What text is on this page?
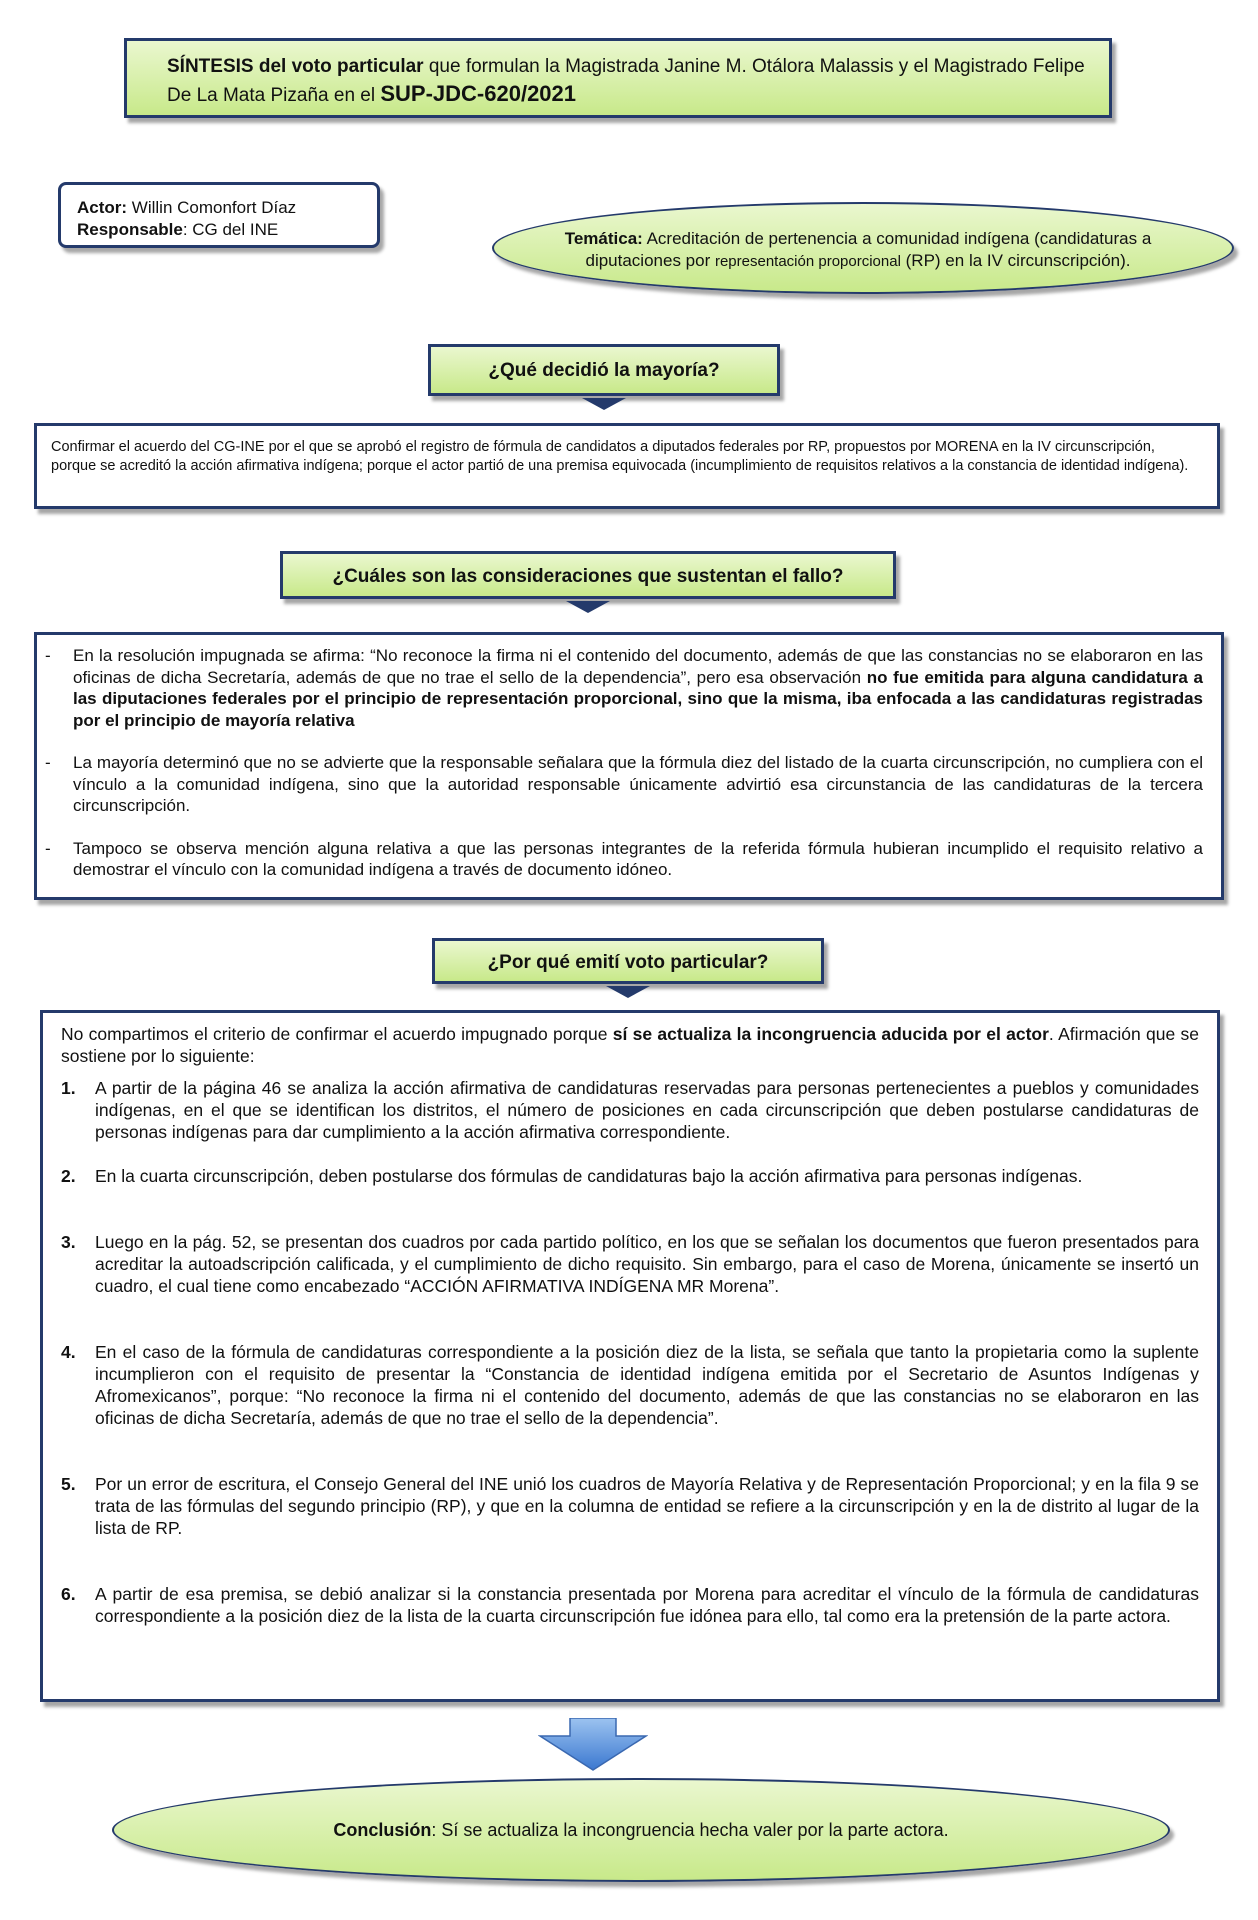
SÍNTESIS del voto particular que formulan la Magistrada Janine M. Otálora Malassis y el Magistrado Felipe De La Mata Pizaña en el SUP-JDC-620/2021
Actor: Willin Comonfort Díaz
Responsable: CG del INE	Temática: Acreditación de pertenencia a comunidad indígena (candidaturas a diputaciones por representación proporcional (RP) en la IV circunscripción).
¿Qué decidió la mayoría?
Confirmar el acuerdo del CG-INE por el que se aprobó el registro de fórmula de candidatos a diputados federales por RP, propuestos por MORENA en la IV circunscripción, porque se acreditó la acción afirmativa indígena; porque el actor partió de una premisa equivocada (incumplimiento de requisitos relativos a la constancia de identidad indígena).
¿Cuáles son las consideraciones que sustentan el fallo?
- En la resolución impugnada se afirma: “No reconoce la firma ni el contenido del documento, además de que las constancias no se elaboraron en las oficinas de dicha Secretaría, además de que no trae el sello de la dependencia”, pero esa observación no fue emitida para alguna candidatura a las diputaciones federales por el principio de representación proporcional, sino que la misma, iba enfocada a las candidaturas registradas por el principio de mayoría relativa
- La mayoría determinó que no se advierte que la responsable señalara que la fórmula diez del listado de la cuarta circunscripción, no cumpliera con el vínculo a la comunidad indígena, sino que la autoridad responsable únicamente advirtió esa circunstancia de las candidaturas de la tercera circunscripción.
- Tampoco se observa mención alguna relativa a que las personas integrantes de la referida fórmula hubieran incumplido el requisito relativo a demostrar el vínculo con la comunidad indígena a través de documento idóneo.
¿Por qué emití voto particular?

No compartimos el criterio de confirmar el acuerdo impugnado porque sí se actualiza la incongruencia aducida por el actor. Afirmación que se sostiene por lo siguiente:

1. A partir de la página 46 se analiza la acción afirmativa de candidaturas reservadas para personas pertenecientes a pueblos y comunidades indígenas, en el que se identifican los distritos, el número de posiciones en cada circunscripción que deben postularse candidaturas de personas indígenas para dar cumplimiento a la acción afirmativa correspondiente.
2. En la cuarta circunscripción, deben postularse dos fórmulas de candidaturas bajo la acción afirmativa para personas indígenas.
3. Luego en la pág. 52, se presentan dos cuadros por cada partido político, en los que se señalan los documentos que fueron presentados para acreditar la autoadscripción calificada, y el cumplimiento de dicho requisito. Sin embargo, para el caso de Morena, únicamente se insertó un cuadro, el cual tiene como encabezado “ACCIÓN AFIRMATIVA INDÍGENA MR Morena”.
4. En el caso de la fórmula de candidaturas correspondiente a la posición diez de la lista, se señala que tanto la propietaria como la suplente incumplieron con el requisito de presentar la “Constancia de identidad indígena emitida por el Secretario de Asuntos Indígenas y Afromexicanos”, porque: “No reconoce la firma ni el contenido del documento, además de que las constancias no se elaboraron en las oficinas de dicha Secretaría, además de que no trae el sello de la dependencia”.
5. Por un error de escritura, el Consejo General del INE unió los cuadros de Mayoría Relativa y de Representación Proporcional; y en la fila 9 se trata de las fórmulas del segundo principio (RP), y que en la columna de entidad se refiere a la circunscripción y en la de distrito al lugar de la lista de RP.
6. A partir de esa premisa, se debió analizar si la constancia presentada por Morena para acreditar el vínculo de la fórmula de candidaturas correspondiente a la posición diez de la lista de la cuarta circunscripción fue idónea para ello, tal como era la pretensión de la parte actora.
Conclusión: Sí se actualiza la incongruencia hecha valer por la parte actora.
